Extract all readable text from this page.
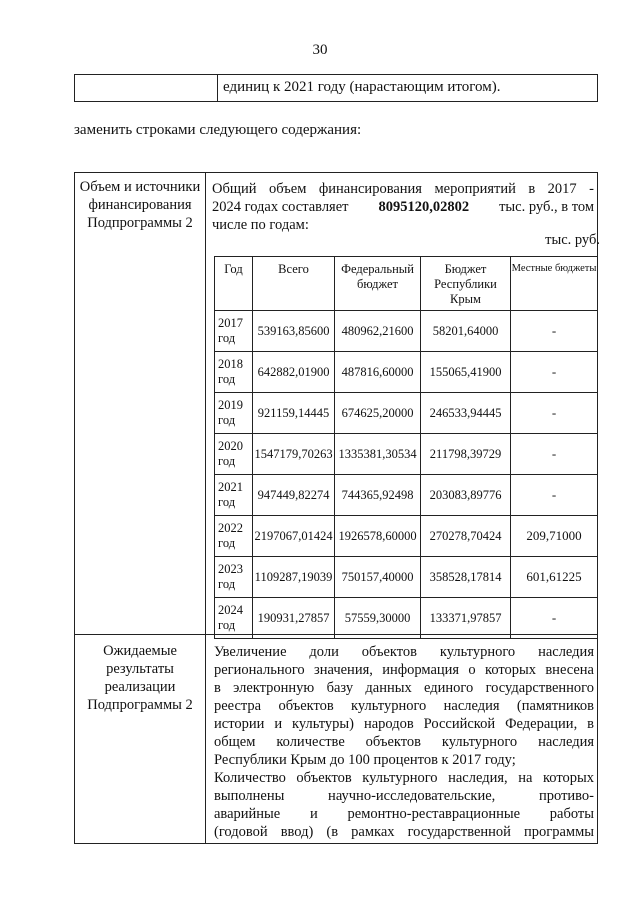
30
единиц к 2021 году (нарастающим итогом).
заменить строками следующего содержания:
Объем и источники
финансирования
Подпрограммы 2
Общий объем финансирования мероприятий в 2017 -
2024 годах составляет 8095120,02802 тыс. руб., в том
числе по годам:
тыс. руб.
Год	Всего	Федеральный бюджет	Бюджет Республики Крым	Местные бюджеты

2017
год	539163,85600	480962,21600	58201,64000	-

2018
год	642882,01900	487816,60000	155065,41900	-

2019
год	921159,14445	674625,20000	246533,94445	-

2020
год	1547179,70263	1335381,30534	211798,39729	-

2021
год	947449,82274	744365,92498	203083,89776	-

2022
год	2197067,01424	1926578,60000	270278,70424	209,71000

2023
год	1109287,19039	750157,40000	358528,17814	601,61225

2024
год	190931,27857	57559,30000	133371,97857	-
Ожидаемые
результаты
реализации
Подпрограммы 2
Увеличение доли объектов культурного наследия
регионального значения, информация о которых внесена
в электронную базу данных единого государственного
реестра объектов культурного наследия (памятников
истории и культуры) народов Российской Федерации, в
общем количестве объектов культурного наследия
Республики Крым до 100 процентов к 2017 году;
Количество объектов культурного наследия, на которых
выполнены научно-исследовательские, противо-
аварийные и ремонтно-реставрационные работы
(годовой ввод) (в рамках государственной программы
